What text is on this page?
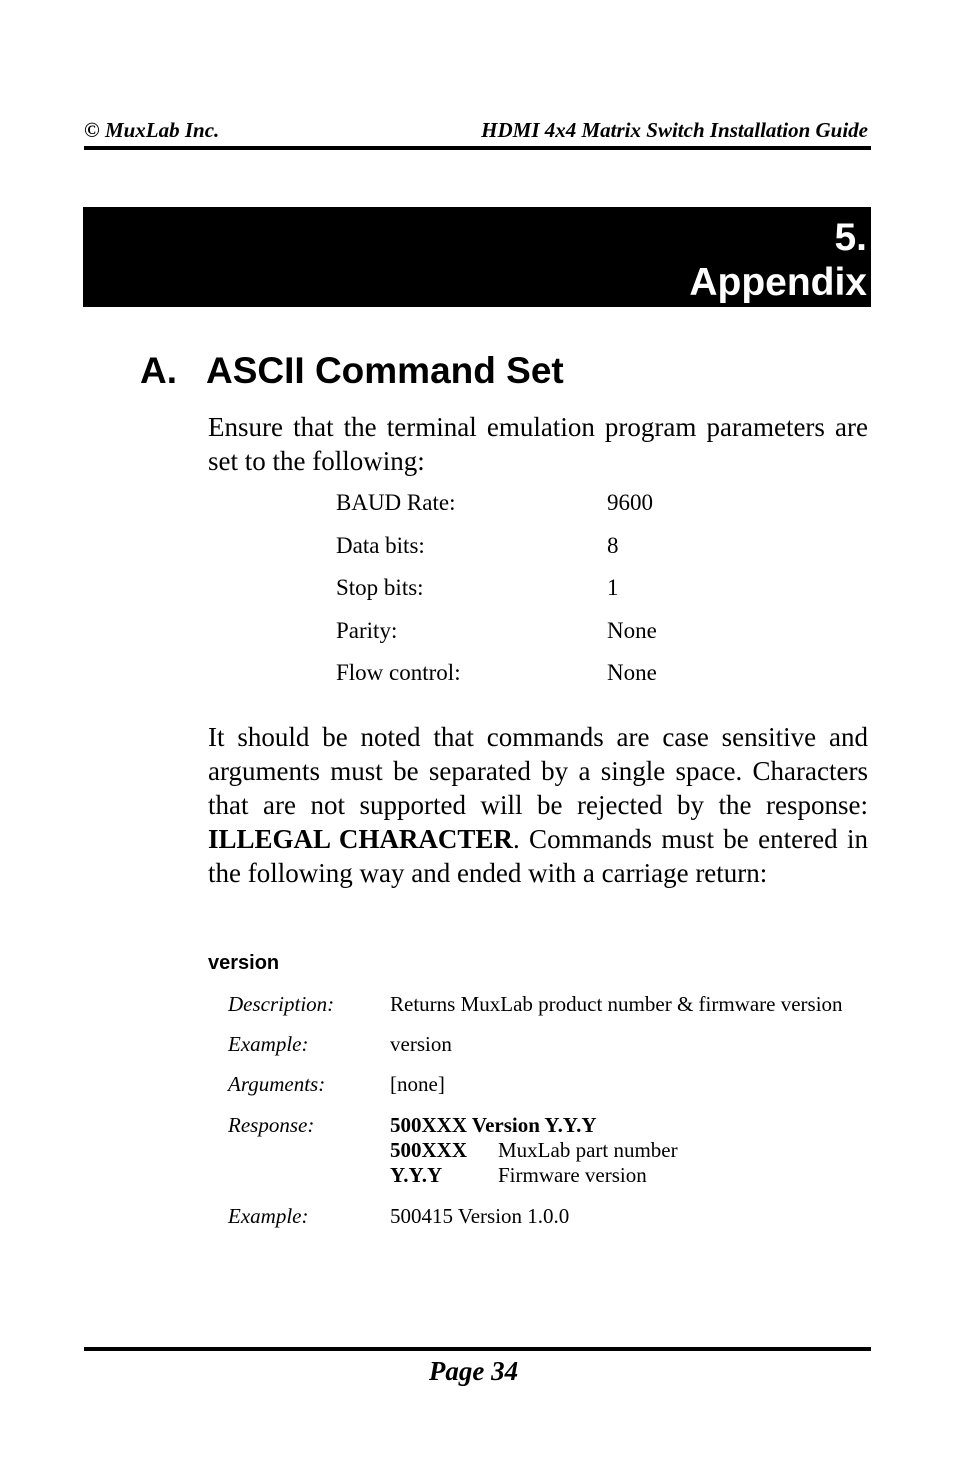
© MuxLab Inc.	HDMI 4x4 Matrix Switch Installation Guide
5.
Appendix
A. ASCII Command Set
Ensure that the terminal emulation program parameters are set to the following:
BAUD Rate:	9600
Data bits:	8
Stop bits:	1
Parity:	None
Flow control:	None
It should be noted that commands are case sensitive and arguments must be separated by a single space. Characters that are not supported will be rejected by the response: ILLEGAL CHARACTER. Commands must be entered in the following way and ended with a carriage return:
version
Description:	Returns MuxLab product number & firmware version
Example:	version
Arguments:	[none]
Response:	500XXX Version Y.Y.Y
500XXX MuxLab part number
Y.Y.Y	Firmware version
Example:	500415 Version 1.0.0
Page 34
